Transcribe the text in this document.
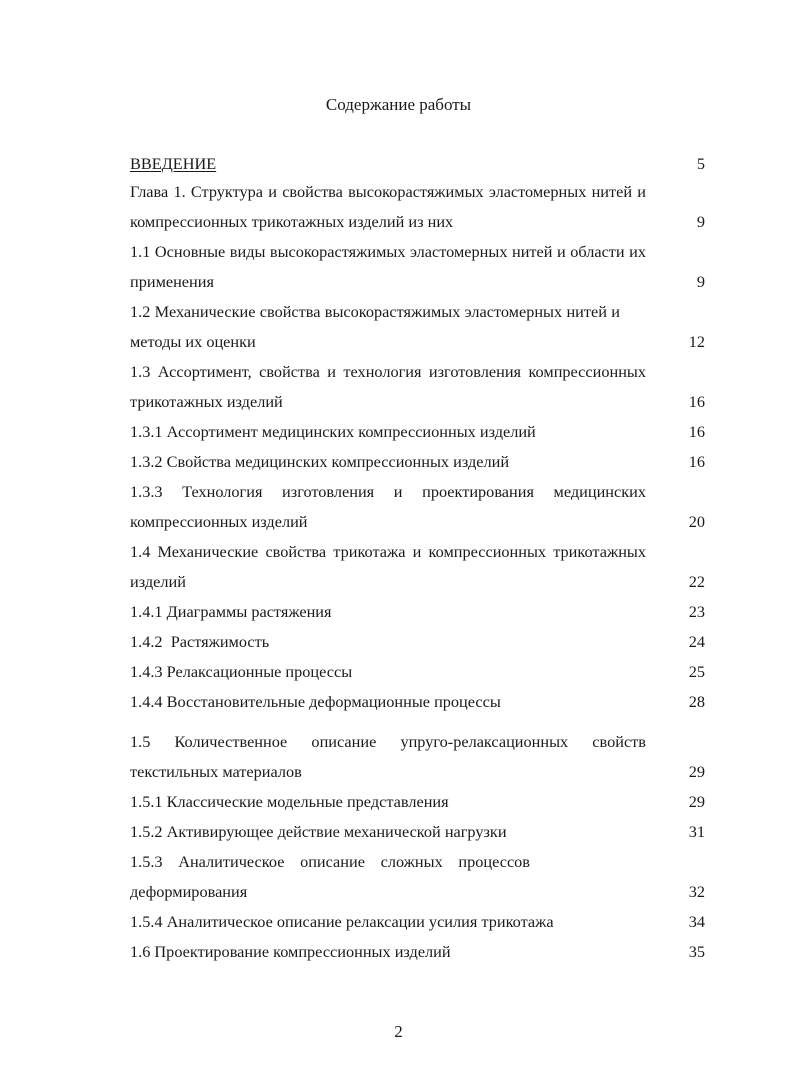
Содержание работы
ВВЕДЕНИЕ	5
Глава 1. Структура и свойства высокорастяжимых эластомерных нитей и компрессионных трикотажных изделий из них	9
1.1 Основные виды высокорастяжимых эластомерных нитей и области их применения	9
1.2 Механические свойства высокорастяжимых эластомерных нитей и методы их оценки	12
1.3 Ассортимент, свойства и технология изготовления компрессионных трикотажных изделий	16
1.3.1 Ассортимент медицинских компрессионных изделий	16
1.3.2 Свойства медицинских компрессионных изделий	16
1.3.3 Технология изготовления и проектирования медицинских компрессионных изделий	20
1.4 Механические свойства трикотажа и компрессионных трикотажных изделий	22
1.4.1 Диаграммы растяжения	23
1.4.2  Растяжимость	24
1.4.3 Релаксационные процессы	25
1.4.4 Восстановительные деформационные процессы	28
1.5 Количественное описание упруго-релаксационных свойств текстильных материалов	29
1.5.1 Классические модельные представления	29
1.5.2 Активирующее действие механической нагрузки	31
1.5.3 Аналитическое описание сложных процессов деформирования	32
1.5.4 Аналитическое описание релаксации усилия трикотажа	34
1.6 Проектирование компрессионных изделий	35
2
